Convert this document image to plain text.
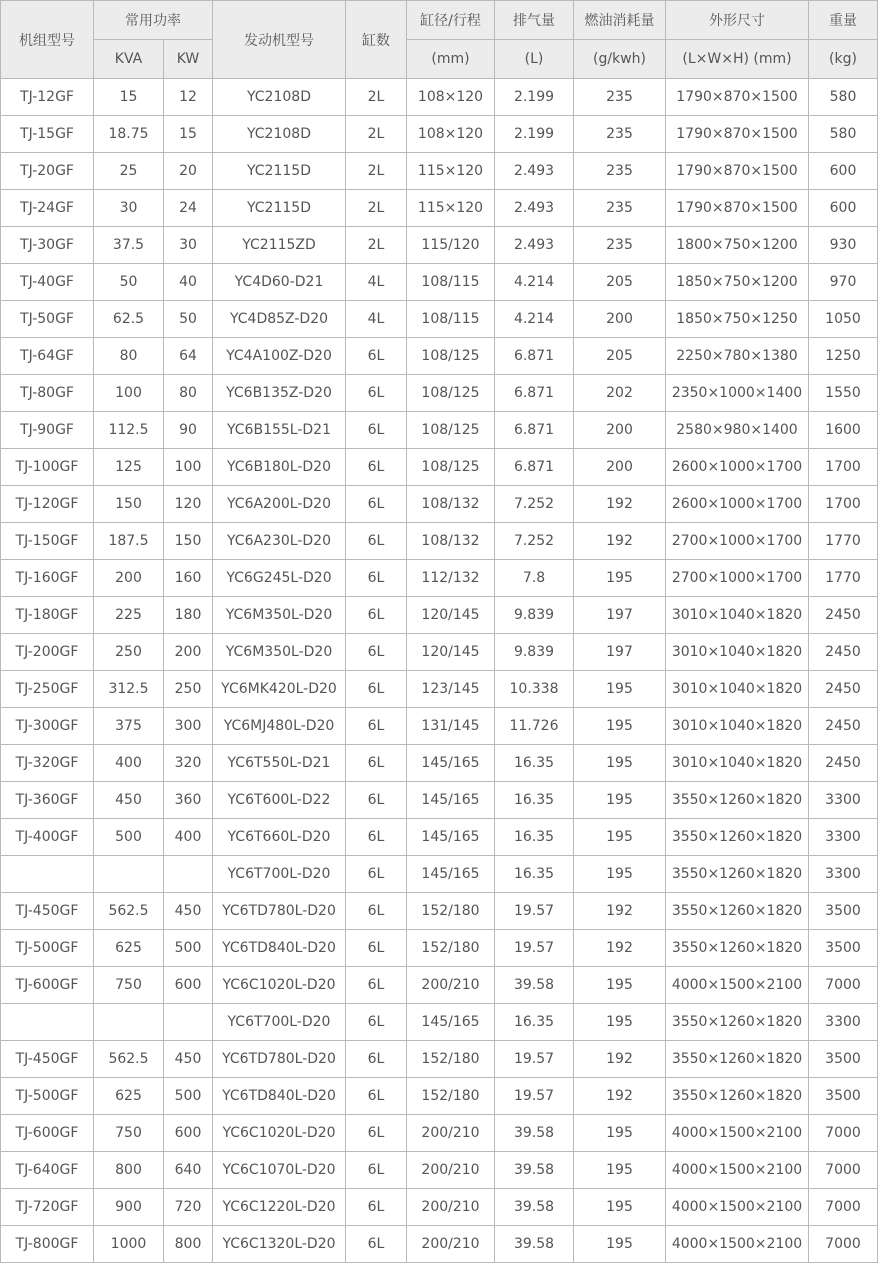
机组型号	常用功率		发动机型号	缸数	缸径/行程	排气量	燃油消耗量	外形尺寸	重量
	KVA	KW			(mm)	(L)	(g/kwh)	(L×W×H) (mm)	(kg)
TJ-12GF	15	12	YC2108D	2L	108×120	2.199	235	1790×870×1500	580
TJ-15GF	18.75	15	YC2108D	2L	108×120	2.199	235	1790×870×1500	580
TJ-20GF	25	20	YC2115D	2L	115×120	2.493	235	1790×870×1500	600
TJ-24GF	30	24	YC2115D	2L	115×120	2.493	235	1790×870×1500	600
TJ-30GF	37.5	30	YC2115ZD	2L	115/120	2.493	235	1800×750×1200	930
TJ-40GF	50	40	YC4D60-D21	4L	108/115	4.214	205	1850×750×1200	970
TJ-50GF	62.5	50	YC4D85Z-D20	4L	108/115	4.214	200	1850×750×1250	1050
TJ-64GF	80	64	YC4A100Z-D20	6L	108/125	6.871	205	2250×780×1380	1250
TJ-80GF	100	80	YC6B135Z-D20	6L	108/125	6.871	202	2350×1000×1400	1550
TJ-90GF	112.5	90	YC6B155L-D21	6L	108/125	6.871	200	2580×980×1400	1600
TJ-100GF	125	100	YC6B180L-D20	6L	108/125	6.871	200	2600×1000×1700	1700
TJ-120GF	150	120	YC6A200L-D20	6L	108/132	7.252	192	2600×1000×1700	1700
TJ-150GF	187.5	150	YC6A230L-D20	6L	108/132	7.252	192	2700×1000×1700	1770
TJ-160GF	200	160	YC6G245L-D20	6L	112/132	7.8	195	2700×1000×1700	1770
TJ-180GF	225	180	YC6M350L-D20	6L	120/145	9.839	197	3010×1040×1820	2450
TJ-200GF	250	200	YC6M350L-D20	6L	120/145	9.839	197	3010×1040×1820	2450
TJ-250GF	312.5	250	YC6MK420L-D20	6L	123/145	10.338	195	3010×1040×1820	2450
TJ-300GF	375	300	YC6MJ480L-D20	6L	131/145	11.726	195	3010×1040×1820	2450
TJ-320GF	400	320	YC6T550L-D21	6L	145/165	16.35	195	3010×1040×1820	2450
TJ-360GF	450	360	YC6T600L-D22	6L	145/165	16.35	195	3550×1260×1820	3300
TJ-400GF	500	400	YC6T660L-D20	6L	145/165	16.35	195	3550×1260×1820	3300
			YC6T700L-D20	6L	145/165	16.35	195	3550×1260×1820	3300
TJ-450GF	562.5	450	YC6TD780L-D20	6L	152/180	19.57	192	3550×1260×1820	3500
TJ-500GF	625	500	YC6TD840L-D20	6L	152/180	19.57	192	3550×1260×1820	3500
TJ-600GF	750	600	YC6C1020L-D20	6L	200/210	39.58	195	4000×1500×2100	7000
			YC6T700L-D20	6L	145/165	16.35	195	3550×1260×1820	3300
TJ-450GF	562.5	450	YC6TD780L-D20	6L	152/180	19.57	192	3550×1260×1820	3500
TJ-500GF	625	500	YC6TD840L-D20	6L	152/180	19.57	192	3550×1260×1820	3500
TJ-600GF	750	600	YC6C1020L-D20	6L	200/210	39.58	195	4000×1500×2100	7000
TJ-640GF	800	640	YC6C1070L-D20	6L	200/210	39.58	195	4000×1500×2100	7000
TJ-720GF	900	720	YC6C1220L-D20	6L	200/210	39.58	195	4000×1500×2100	7000
TJ-800GF	1000	800	YC6C1320L-D20	6L	200/210	39.58	195	4000×1500×2100	7000
